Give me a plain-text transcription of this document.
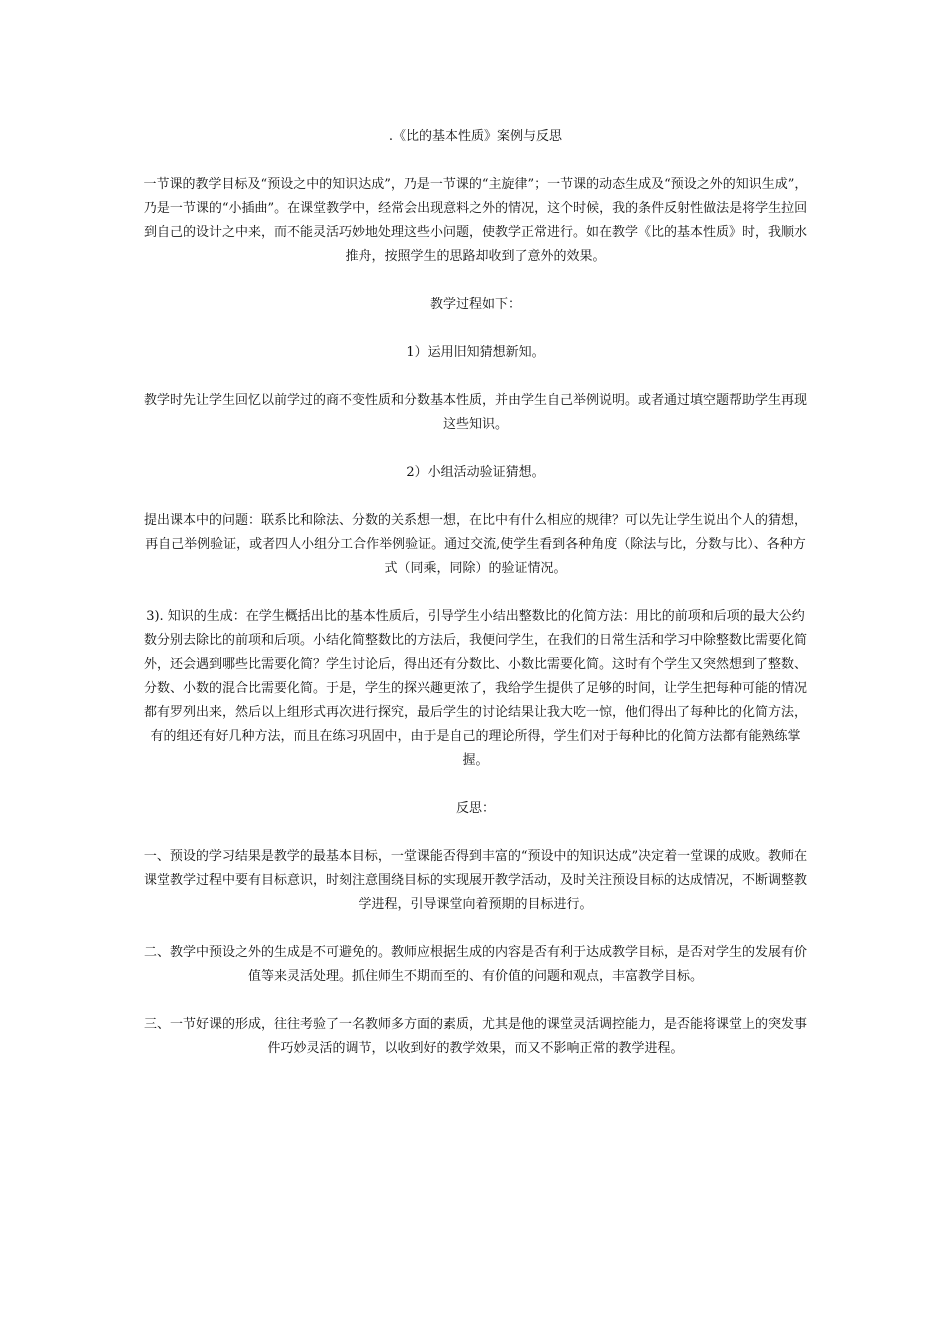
.《比的基本性质》案例与反思
一节课的教学目标及“预设之中的知识达成”，乃是一节课的“主旋律”；一节课的动态生成及“预设之外的知识生成”，乃是一节课的“小插曲”。在课堂教学中，经常会出现意料之外的情况，这个时候，我的条件反射性做法是将学生拉回到自己的设计之中来，而不能灵活巧妙地处理这些小问题，使教学正常进行。如在教学《比的基本性质》时，我顺水推舟，按照学生的思路却收到了意外的效果。
教学过程如下：
1）运用旧知猜想新知。
教学时先让学生回忆以前学过的商不变性质和分数基本性质，并由学生自己举例说明。或者通过填空题帮助学生再现这些知识。
2）小组活动验证猜想。
提出课本中的问题：联系比和除法、分数的关系想一想，在比中有什么相应的规律？可以先让学生说出个人的猜想，再自己举例验证，或者四人小组分工合作举例验证。通过交流,使学生看到各种角度（除法与比，分数与比）、各种方式（同乘，同除）的验证情况。
3). 知识的生成：在学生概括出比的基本性质后，引导学生小结出整数比的化简方法：用比的前项和后项的最大公约数分别去除比的前项和后项。小结化简整数比的方法后，我便问学生，在我们的日常生活和学习中除整数比需要化简外，还会遇到哪些比需要化简？学生讨论后，得出还有分数比、小数比需要化简。这时有个学生又突然想到了整数、分数、小数的混合比需要化简。于是，学生的探兴趣更浓了，我给学生提供了足够的时间，让学生把每种可能的情况都有罗列出来，然后以上组形式再次进行探究，最后学生的讨论结果让我大吃一惊，他们得出了每种比的化简方法，有的组还有好几种方法，而且在练习巩固中，由于是自己的理论所得，学生们对于每种比的化简方法都有能熟练掌握。
反思：
一、预设的学习结果是教学的最基本目标，一堂课能否得到丰富的“预设中的知识达成”决定着一堂课的成败。教师在课堂教学过程中要有目标意识，时刻注意围绕目标的实现展开教学活动，及时关注预设目标的达成情况，不断调整教学进程，引导课堂向着预期的目标进行。
二、教学中预设之外的生成是不可避免的。教师应根据生成的内容是否有利于达成教学目标，是否对学生的发展有价值等来灵活处理。抓住师生不期而至的、有价值的问题和观点，丰富教学目标。
三、一节好课的形成，往往考验了一名教师多方面的素质，尤其是他的课堂灵活调控能力，是否能将课堂上的突发事件巧妙灵活的调节，以收到好的教学效果，而又不影响正常的教学进程。
